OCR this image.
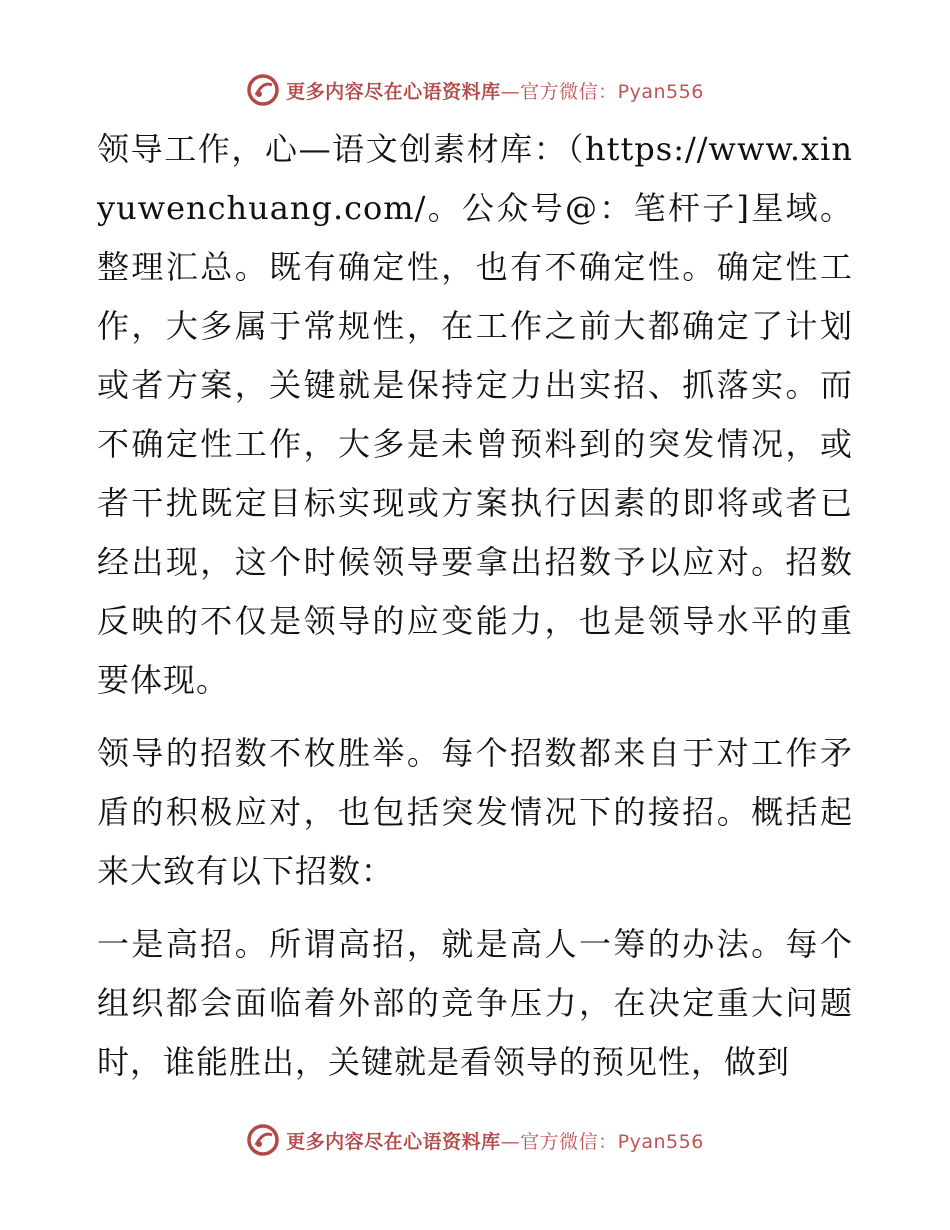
更多内容尽在心语资料库—官方微信：Pyan556

领导工作，心—语文创素材库：（https://www.xinyuwenchuang.com/。公众号@：笔杆子]星域。整理汇总。既有确定性，也有不确定性。确定性工作，大多属于常规性，在工作之前大都确定了计划或者方案，关键就是保持定力出实招、抓落实。而不确定性工作，大多是未曾预料到的突发情况，或者干扰既定目标实现或方案执行因素的即将或者已经出现，这个时候领导要拿出招数予以应对。招数反映的不仅是领导的应变能力，也是领导水平的重要体现。

领导的招数不枚胜举。每个招数都来自于对工作矛盾的积极应对，也包括突发情况下的接招。概括起来大致有以下招数：

一是高招。所谓高招，就是高人一筹的办法。每个组织都会面临着外部的竞争压力，在决定重大问题时，谁能胜出，关键就是看领导的预见性，做到

更多内容尽在心语资料库—官方微信：Pyan556
